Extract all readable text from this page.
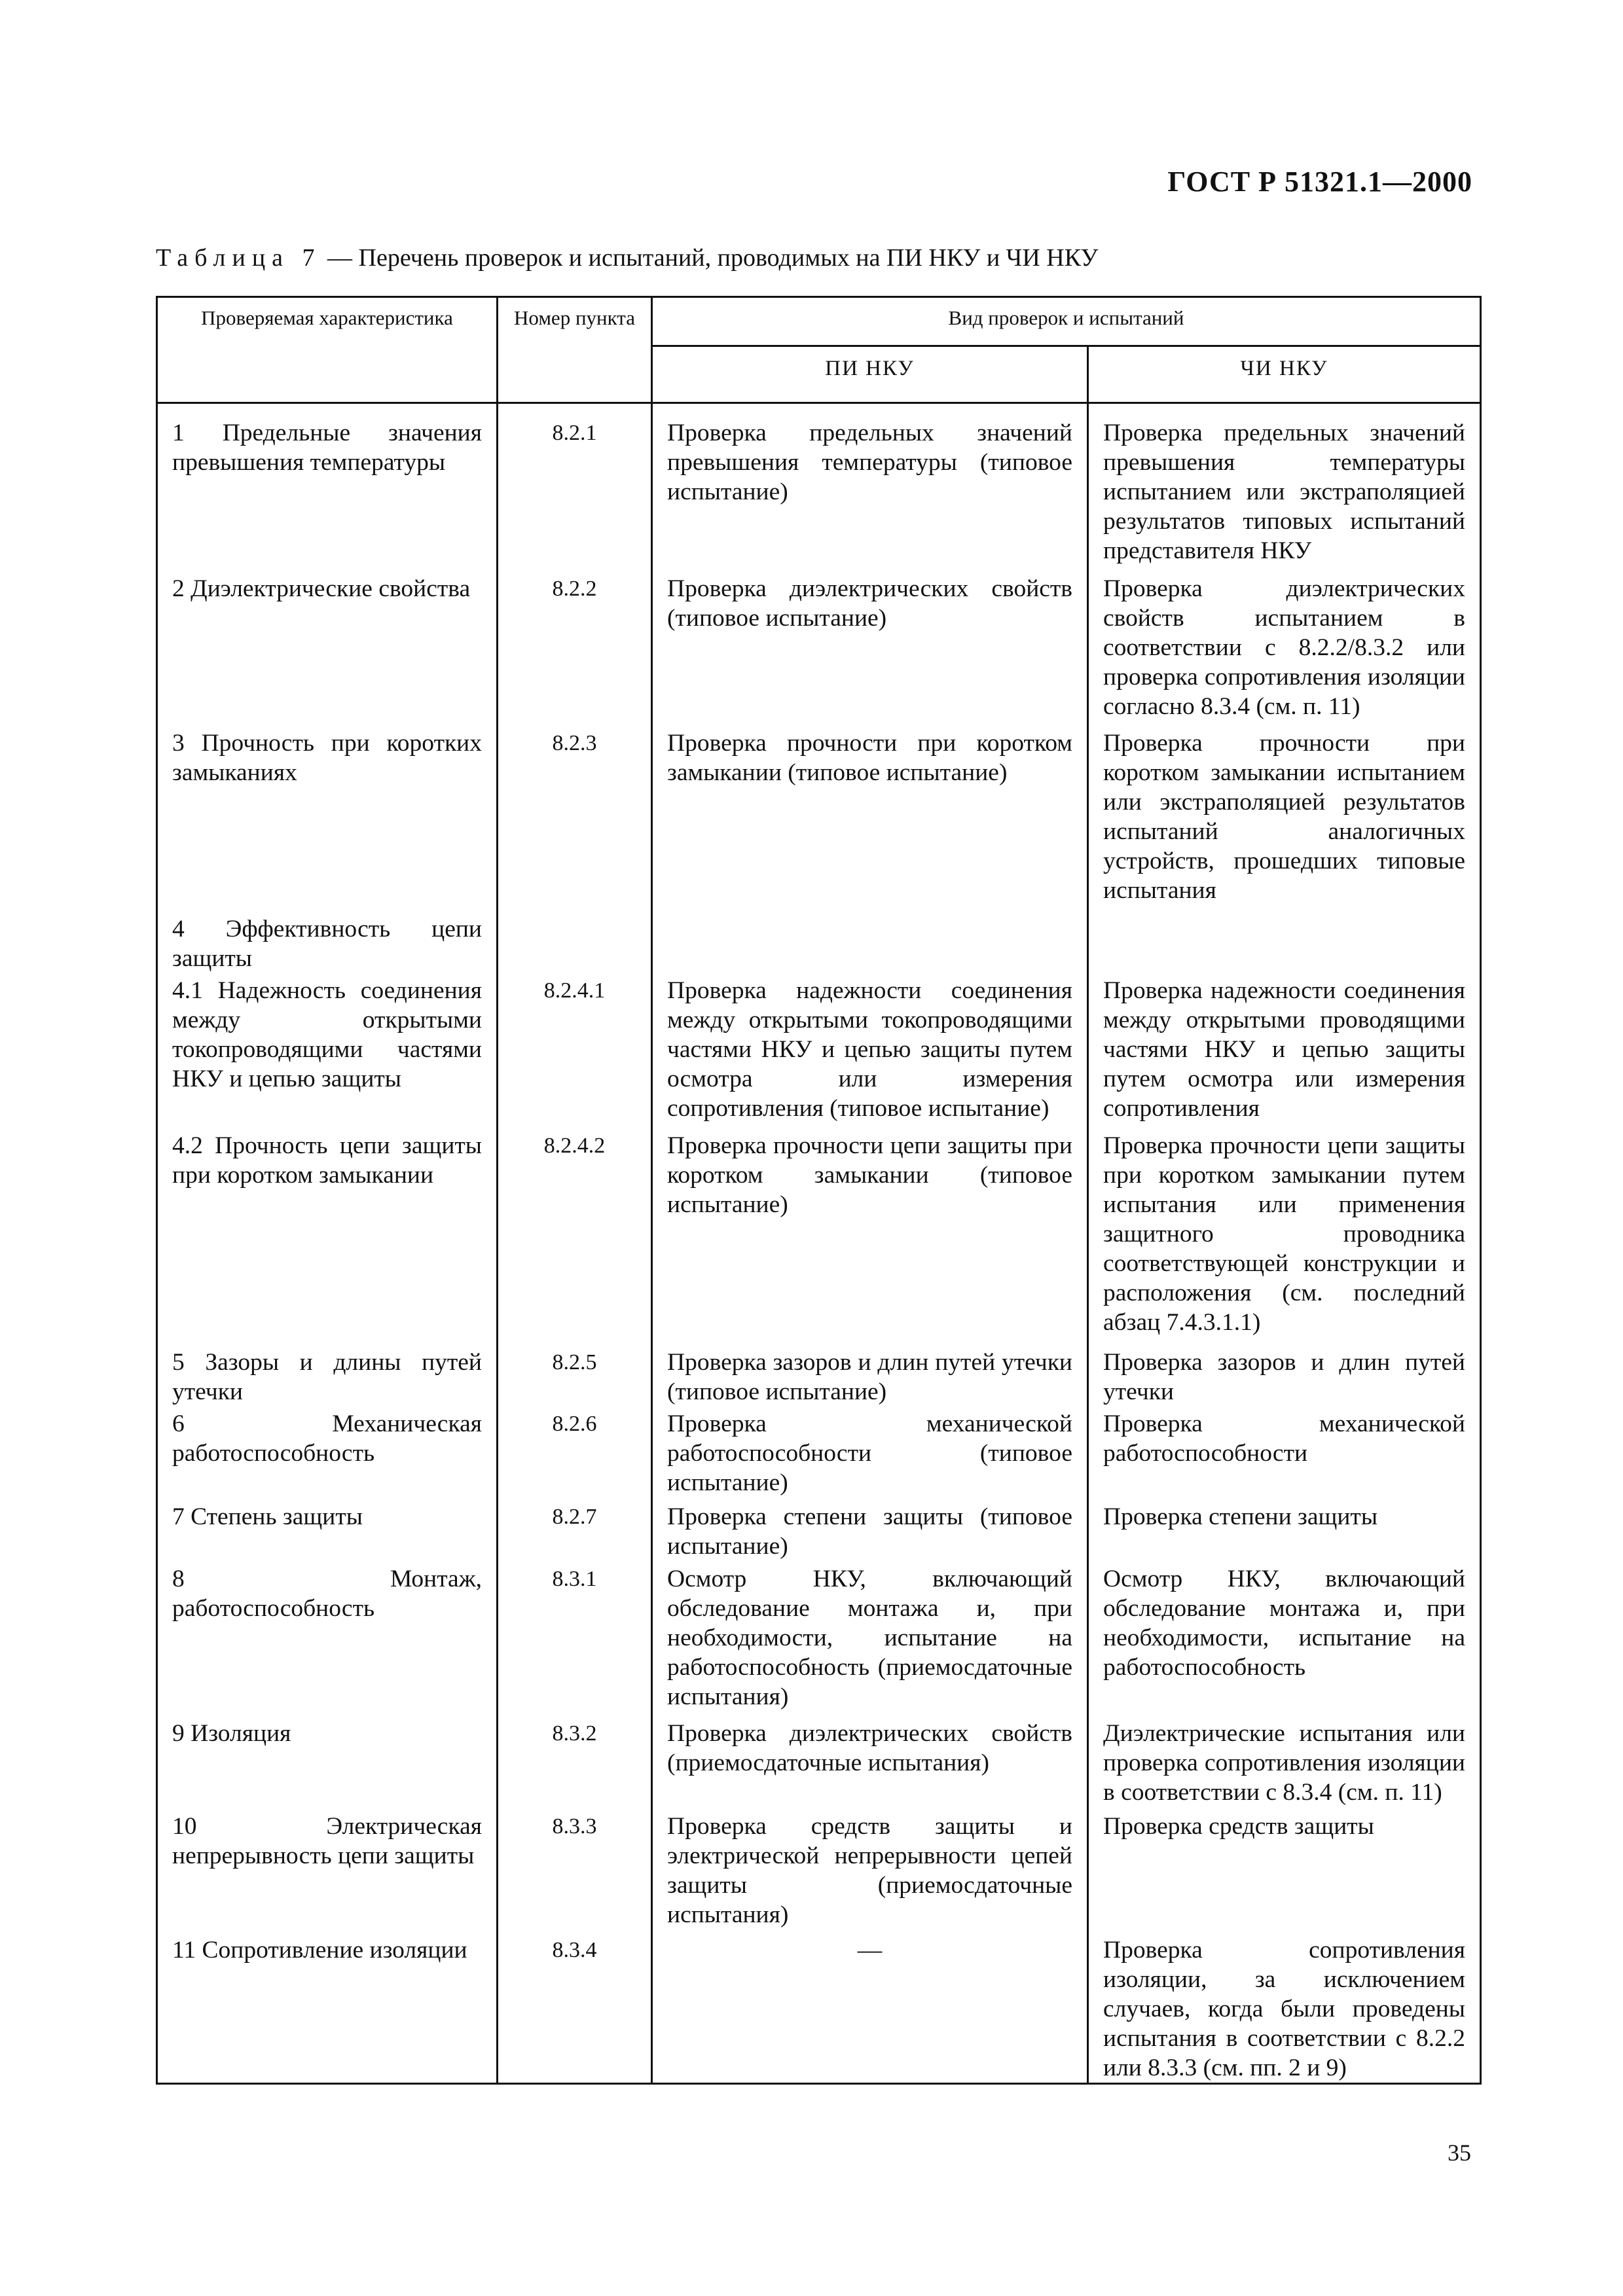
ГОСТ Р 51321.1—2000
Таблица 7 — Перечень проверок и испытаний, проводимых на ПИ НКУ и ЧИ НКУ
Проверяемая характеристика	Номер пункта	Вид проверок и испытаний	
		ПИ НКУ	ЧИ НКУ
1 Предельные значения превышения температуры	8.2.1	Проверка предельных значений превышения температуры (типовое испытание)	Проверка предельных значений превышения температуры испытанием или экстраполяцией результатов типовых испытаний представителя НКУ
2 Диэлектрические свойства	8.2.2	Проверка диэлектрических свойств (типовое испытание)	Проверка диэлектрических свойств испытанием в соответствии с 8.2.2/8.3.2 или проверка сопротивления изоляции согласно 8.3.4 (см. п. 11)
3 Прочность при коротких замыканиях	8.2.3	Проверка прочности при коротком замыкании (типовое испытание)	Проверка прочности при коротком замыкании испытанием или экстраполяцией результатов испытаний аналогичных устройств, прошедших типовые испытания
4 Эффективность цепи защиты			
4.1 Надежность соединения между открытыми токопроводящими частями НКУ и цепью защиты	8.2.4.1	Проверка надежности соединения между открытыми токопроводящими частями НКУ и цепью защиты путем осмотра или измерения сопротивления (типовое испытание)	Проверка надежности соединения между открытыми проводящими частями НКУ и цепью защиты путем осмотра или измерения сопротивления
4.2 Прочность цепи защиты при коротком замыкании	8.2.4.2	Проверка прочности цепи защиты при коротком замыкании (типовое испытание)	Проверка прочности цепи защиты при коротком замыкании путем испытания или применения защитного проводника соответствующей конструкции и расположения (см. последний абзац 7.4.3.1.1)
5 Зазоры и длины путей утечки	8.2.5	Проверка зазоров и длин путей утечки (типовое испытание)	Проверка зазоров и длин путей утечки
6 Механическая работоспособность	8.2.6	Проверка механической работоспособности (типовое испытание)	Проверка механической работоспособности
7 Степень защиты	8.2.7	Проверка степени защиты (типовое испытание)	Проверка степени защиты
8 Монтаж, работоспособность	8.3.1	Осмотр НКУ, включающий обследование монтажа и, при необходимости, испытание на работоспособность (приемосдаточные испытания)	Осмотр НКУ, включающий обследование монтажа и, при необходимости, испытание на работоспособность
9 Изоляция	8.3.2	Проверка диэлектрических свойств (приемосдаточные испытания)	Диэлектрические испытания или проверка сопротивления изоляции в соответствии с 8.3.4 (см. п. 11)
10 Электрическая непрерывность цепи защиты	8.3.3	Проверка средств защиты и электрической непрерывности цепей защиты (приемосдаточные испытания)	Проверка средств защиты
11 Сопротивление изоляции	8.3.4	—	Проверка сопротивления изоляции, за исключением случаев, когда были проведены испытания в соответствии с 8.2.2 или 8.3.3 (см. пп. 2 и 9)
35
